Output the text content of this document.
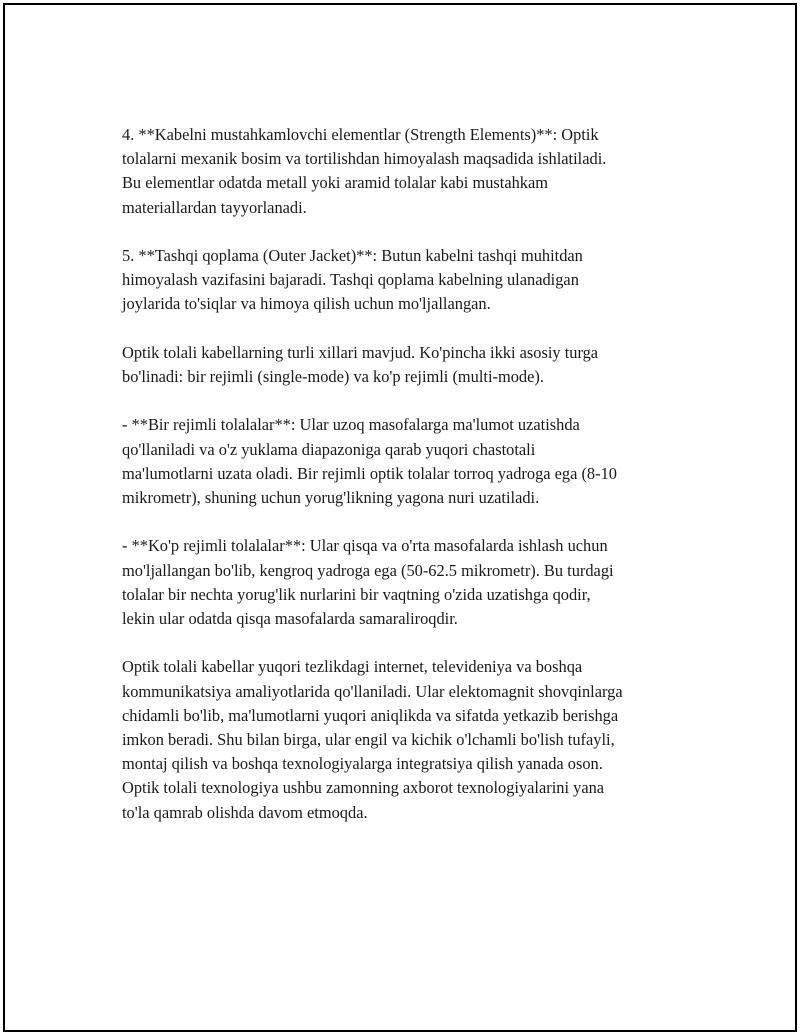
4. **Kabelni mustahkamlovchi elementlar (Strength Elements)**: Optik
tolalarni mexanik bosim va tortilishdan himoyalash maqsadida ishlatiladi.
Bu elementlar odatda metall yoki aramid tolalar kabi mustahkam
materiallardan tayyorlanadi.

5. **Tashqi qoplama (Outer Jacket)**: Butun kabelni tashqi muhitdan
himoyalash vazifasini bajaradi. Tashqi qoplama kabelning ulanadigan
joylarida to'siqlar va himoya qilish uchun mo'ljallangan.

Optik tolali kabellarning turli xillari mavjud. Ko'pincha ikki asosiy turga
bo'linadi: bir rejimli (single-mode) va ko'p rejimli (multi-mode).

- **Bir rejimli tolalalar**: Ular uzoq masofalarga ma'lumot uzatishda
qo'llaniladi va o'z yuklama diapazoniga qarab yuqori chastotali
ma'lumotlarni uzata oladi. Bir rejimli optik tolalar torroq yadroga ega (8-10
mikrometr), shuning uchun yorug'likning yagona nuri uzatiladi.

- **Ko'p rejimli tolalalar**: Ular qisqa va o'rta masofalarda ishlash uchun
mo'ljallangan bo'lib, kengroq yadroga ega (50-62.5 mikrometr). Bu turdagi
tolalar bir nechta yorug'lik nurlarini bir vaqtning o'zida uzatishga qodir,
lekin ular odatda qisqa masofalarda samaraliroqdir.

Optik tolali kabellar yuqori tezlikdagi internet, televideniya va boshqa
kommunikatsiya amaliyotlarida qo'llaniladi. Ular elektomagnit shovqinlarga
chidamli bo'lib, ma'lumotlarni yuqori aniqlikda va sifatda yetkazib berishga
imkon beradi. Shu bilan birga, ular engil va kichik o'lchamli bo'lish tufayli,
montaj qilish va boshqa texnologiyalarga integratsiya qilish yanada oson.
Optik tolali texnologiya ushbu zamonning axborot texnologiyalarini yana
to'la qamrab olishda davom etmoqda.
